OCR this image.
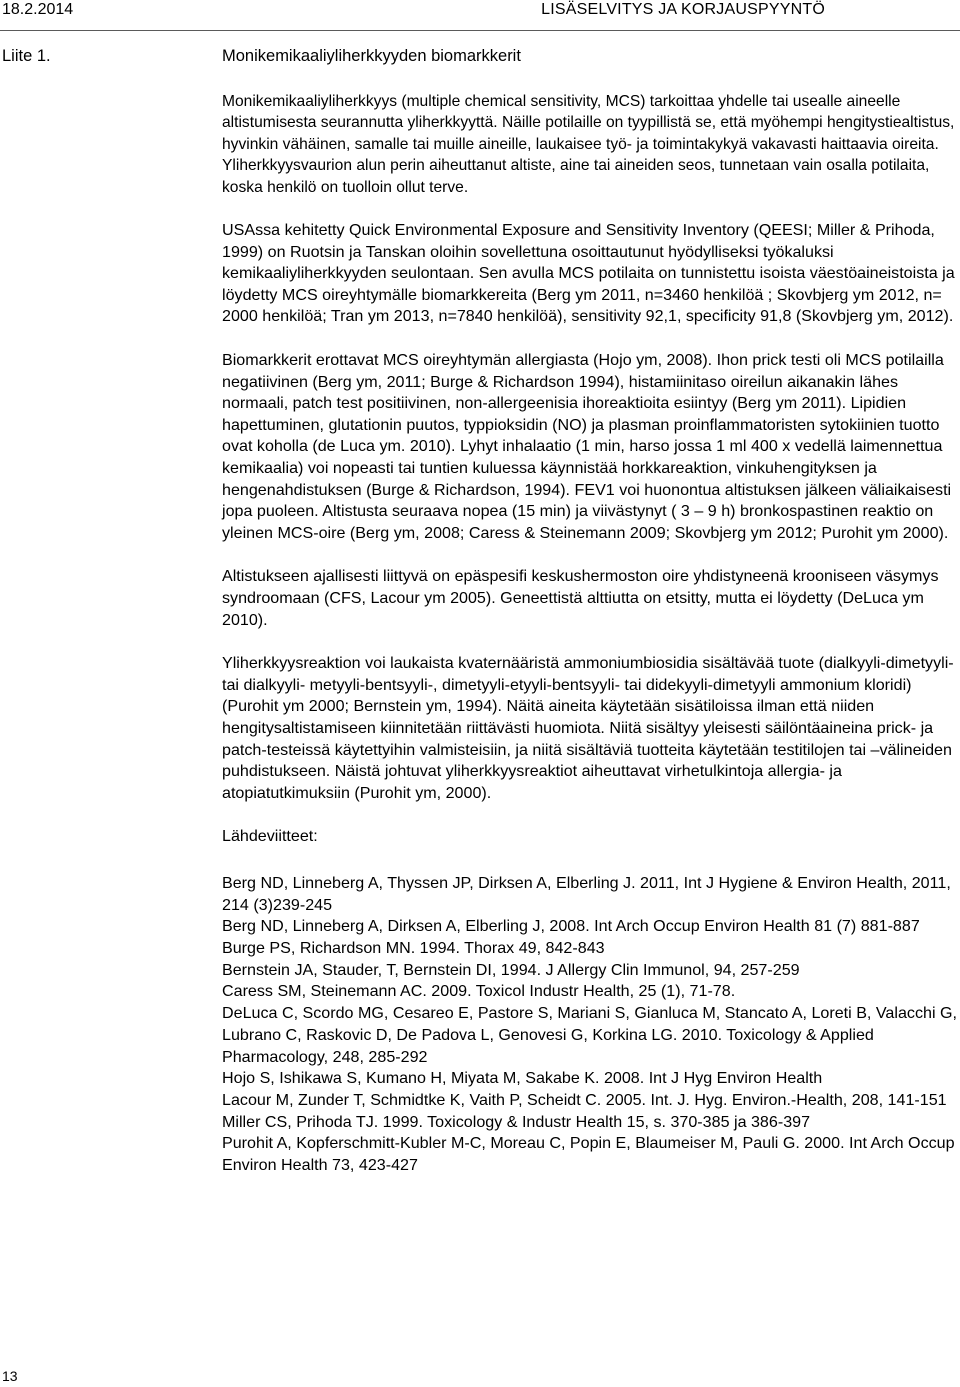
18.2.2014	LISÄSELVITYS JA KORJAUSPYYNTÖ
Liite 1.	Monikemikaaliyliherkkyyden biomarkkerit

Monikemikaaliyliherkkyys (multiple chemical sensitivity, MCS) tarkoittaa yhdelle tai usealle aineelle altistumisesta seurannutta yliherkkyyttä. Näille potilaille on tyypillistä se, että myöhempi hengitystiealtistus, hyvinkin vähäinen, samalle tai muille aineille, laukaisee työ- ja toimintakykyä vakavasti haittaavia oireita. Yliherkkyysvaurion alun perin aiheuttanut altiste, aine tai aineiden seos, tunnetaan vain osalla potilaita, koska henkilö on tuolloin ollut terve.

USAssa kehitetty Quick Environmental Exposure and Sensitivity Inventory (QEESI; Miller & Prihoda, 1999) on Ruotsin ja Tanskan oloihin sovellettuna osoittautunut hyödylliseksi työkaluksi kemikaaliyliherkkyyden seulontaan. Sen avulla MCS potilaita on tunnistettu isoista väestöaineistoista ja löydetty MCS oireyhtymälle biomarkkereita (Berg ym 2011, n=3460 henkilöä ; Skovbjerg ym 2012, n= 2000 henkilöä; Tran ym 2013, n=7840 henkilöä), sensitivity 92,1, specificity 91,8 (Skovbjerg ym, 2012).

Biomarkkerit erottavat MCS oireyhtymän allergiasta (Hojo ym, 2008). Ihon prick testi oli MCS potilailla negatiivinen (Berg ym, 2011; Burge & Richardson 1994), histamiinitaso oireilun aikanakin lähes normaali, patch test positiivinen, non-allergeenisia ihoreaktioita esiintyy (Berg ym 2011). Lipidien hapettuminen, glutationin puutos, typpioksidin (NO) ja plasman proinflammatoristen sytokiinien tuotto ovat koholla (de Luca ym. 2010). Lyhyt inhalaatio (1 min, harso jossa 1 ml 400 x vedellä laimennettua kemikaalia) voi nopeasti tai tuntien kuluessa käynnistää horkkareaktion, vinkuhengityksen ja hengenahdistuksen (Burge & Richardson, 1994). FEV1 voi huonontua altistuksen jälkeen väliaikaisesti jopa puoleen. Altistusta seuraava nopea (15 min) ja viivästynyt ( 3 – 9 h) bronkospastinen reaktio on yleinen MCS-oire (Berg ym, 2008; Caress & Steinemann 2009; Skovbjerg ym 2012; Purohit ym 2000).

Altistukseen ajallisesti liittyvä on epäspesifi keskushermoston oire yhdistyneenä krooniseen väsymys syndroomaan (CFS, Lacour ym 2005). Geneettistä alttiutta on etsitty, mutta ei löydetty (DeLuca ym 2010).

Yliherkkyysreaktion voi laukaista kvaternääristä ammoniumbiosidia sisältävää tuote (dialkyyli-dimetyyli- tai dialkyyli- metyyli-bentsyyli-, dimetyyli-etyyli-bentsyyli- tai didekyyli-dimetyyli ammonium kloridi) (Purohit ym 2000; Bernstein ym, 1994). Näitä aineita käytetään sisätiloissa ilman että niiden hengitysaltistamiseen kiinnitetään riittävästi huomiota. Niitä sisältyy yleisesti säilöntäaineina prick- ja patch-testeissä käytettyihin valmisteisiin, ja niitä sisältäviä tuotteita käytetään testitilojen tai –välineiden puhdistukseen. Näistä johtuvat yliherkkyysreaktiot aiheuttavat virhetulkintoja allergia- ja atopiatutkimuksiin (Purohit ym, 2000).

Lähdeviitteet:

Berg ND, Linneberg A, Thyssen JP, Dirksen A, Elberling J. 2011, Int J Hygiene & Environ Health, 2011, 214 (3)239-245
Berg ND, Linneberg A, Dirksen A, Elberling J, 2008. Int Arch Occup Environ Health 81 (7) 881-887
Burge PS, Richardson MN. 1994. Thorax 49, 842-843
Bernstein JA, Stauder, T, Bernstein DI, 1994. J Allergy Clin Immunol, 94, 257-259
Caress SM, Steinemann AC. 2009. Toxicol Industr Health, 25 (1), 71-78.
DeLuca C, Scordo MG, Cesareo E, Pastore S, Mariani S, Gianluca M, Stancato A, Loreti B, Valacchi G, Lubrano C, Raskovic D, De Padova L, Genovesi G, Korkina LG. 2010. Toxicology & Applied Pharmacology, 248, 285-292
Hojo S, Ishikawa S, Kumano H, Miyata M, Sakabe K. 2008. Int J Hyg Environ Health
Lacour M, Zunder T, Schmidtke K, Vaith P, Scheidt C. 2005. Int. J. Hyg. Environ.-Health, 208, 141-151 Miller CS, Prihoda TJ. 1999. Toxicology & Industr Health 15, s. 370-385 ja 386-397
Purohit A, Kopferschmitt-Kubler M-C, Moreau C, Popin E, Blaumeiser M, Pauli G. 2000. Int Arch Occup Environ Health 73, 423-427
13
